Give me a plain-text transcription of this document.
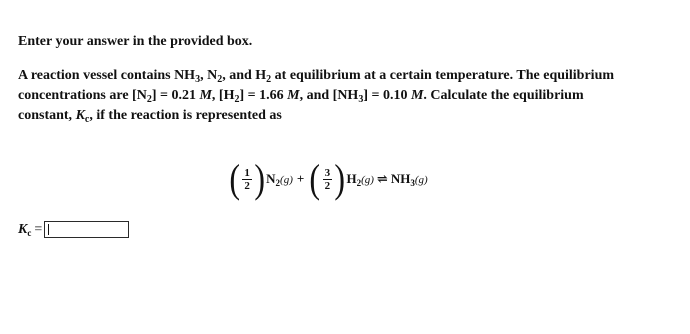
Enter your answer in the provided box.
A reaction vessel contains $NH_3$, $N_2$, and $H_2$ at equilibrium at a certain temperature. The equilibrium
concentrations are $[N_2] = 0.21$ M, $[H_2] = 1.66$ M, and $[NH_3] = 0.10$ M. Calculate the equilibrium
constant, $K_c$, if the reaction is represented as
( $\frac{1}{2}$ ) $N_2(g)$ + ( $\frac{3}{2}$ ) $H_2(g)$ ⇌ $NH_3(g)$
$K_c$ =
